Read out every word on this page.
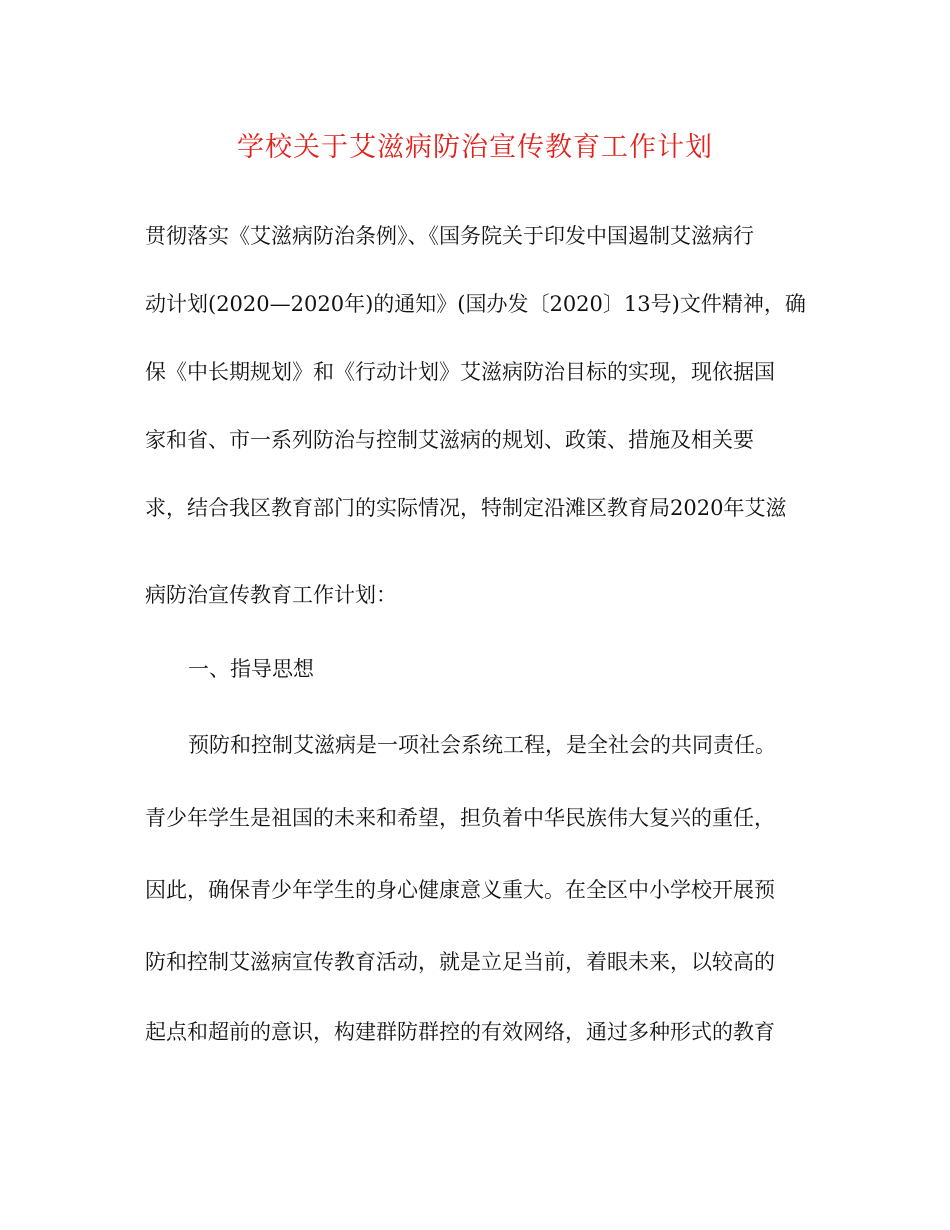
学校关于艾滋病防治宣传教育工作计划

贯彻落实《艾滋病防治条例》、《国务院关于印发中国遏制艾滋病行

动计划(2020—2020年)的通知》(国办发〔2020〕13号)文件精神，确

保《中长期规划》和《行动计划》艾滋病防治目标的实现，现依据国

家和省、市一系列防治与控制艾滋病的规划、政策、措施及相关要

求，结合我区教育部门的实际情况，特制定沿滩区教育局2020年艾滋

病防治宣传教育工作计划：

一、指导思想

预防和控制艾滋病是一项社会系统工程，是全社会的共同责任。

青少年学生是祖国的未来和希望，担负着中华民族伟大复兴的重任，

因此，确保青少年学生的身心健康意义重大。在全区中小学校开展预

防和控制艾滋病宣传教育活动，就是立足当前，着眼未来，以较高的

起点和超前的意识，构建群防群控的有效网络，通过多种形式的教育
